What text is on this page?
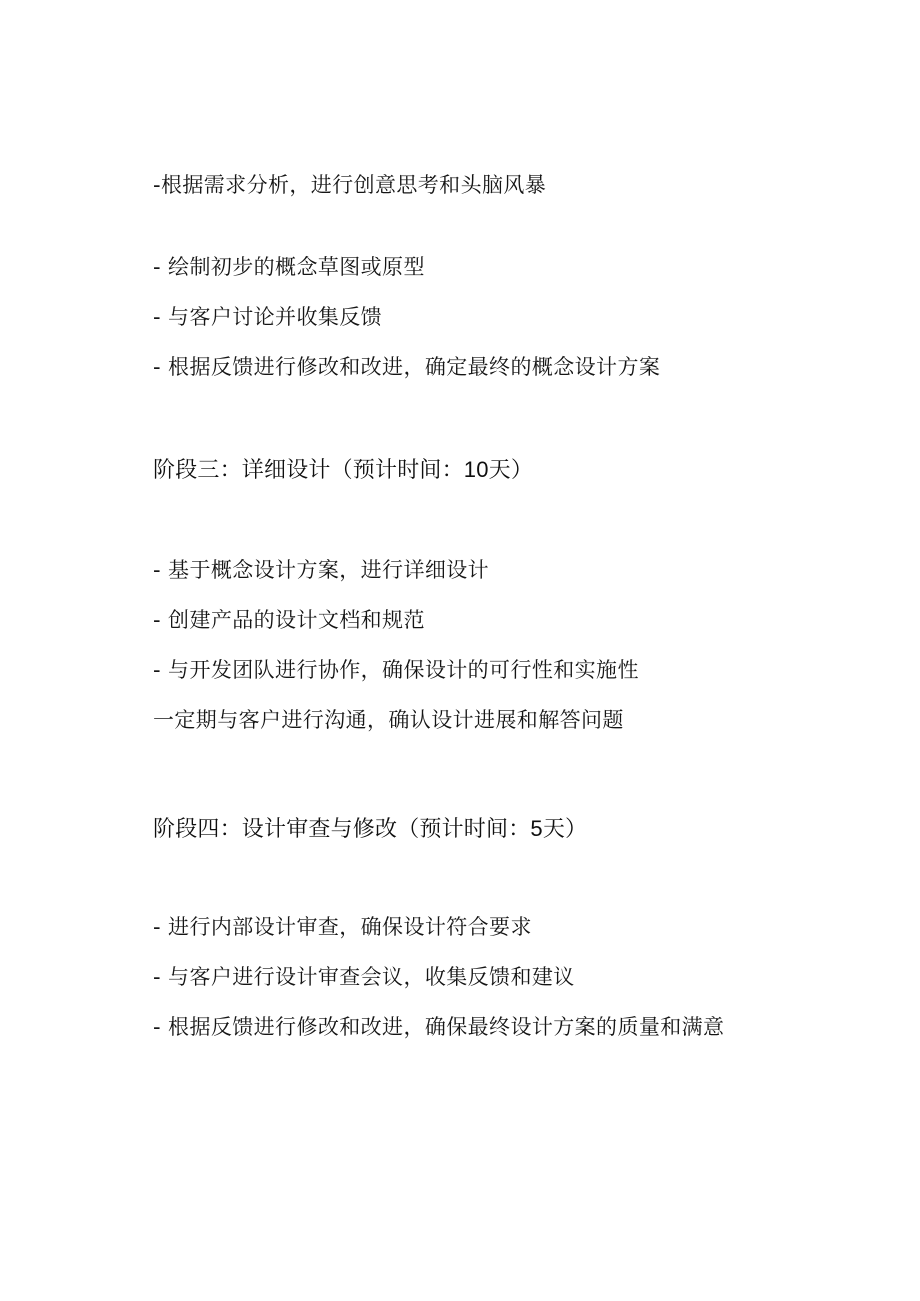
-根据需求分析，进行创意思考和头脑风暴
- 绘制初步的概念草图或原型
- 与客户讨论并收集反馈
- 根据反馈进行修改和改进，确定最终的概念设计方案
阶段三：详细设计（预计时间：10天）
- 基于概念设计方案，进行详细设计
- 创建产品的设计文档和规范
- 与开发团队进行协作，确保设计的可行性和实施性
一定期与客户进行沟通，确认设计进展和解答问题
阶段四：设计审查与修改（预计时间：5天）
- 进行内部设计审查，确保设计符合要求
- 与客户进行设计审查会议，收集反馈和建议
- 根据反馈进行修改和改进，确保最终设计方案的质量和满意
